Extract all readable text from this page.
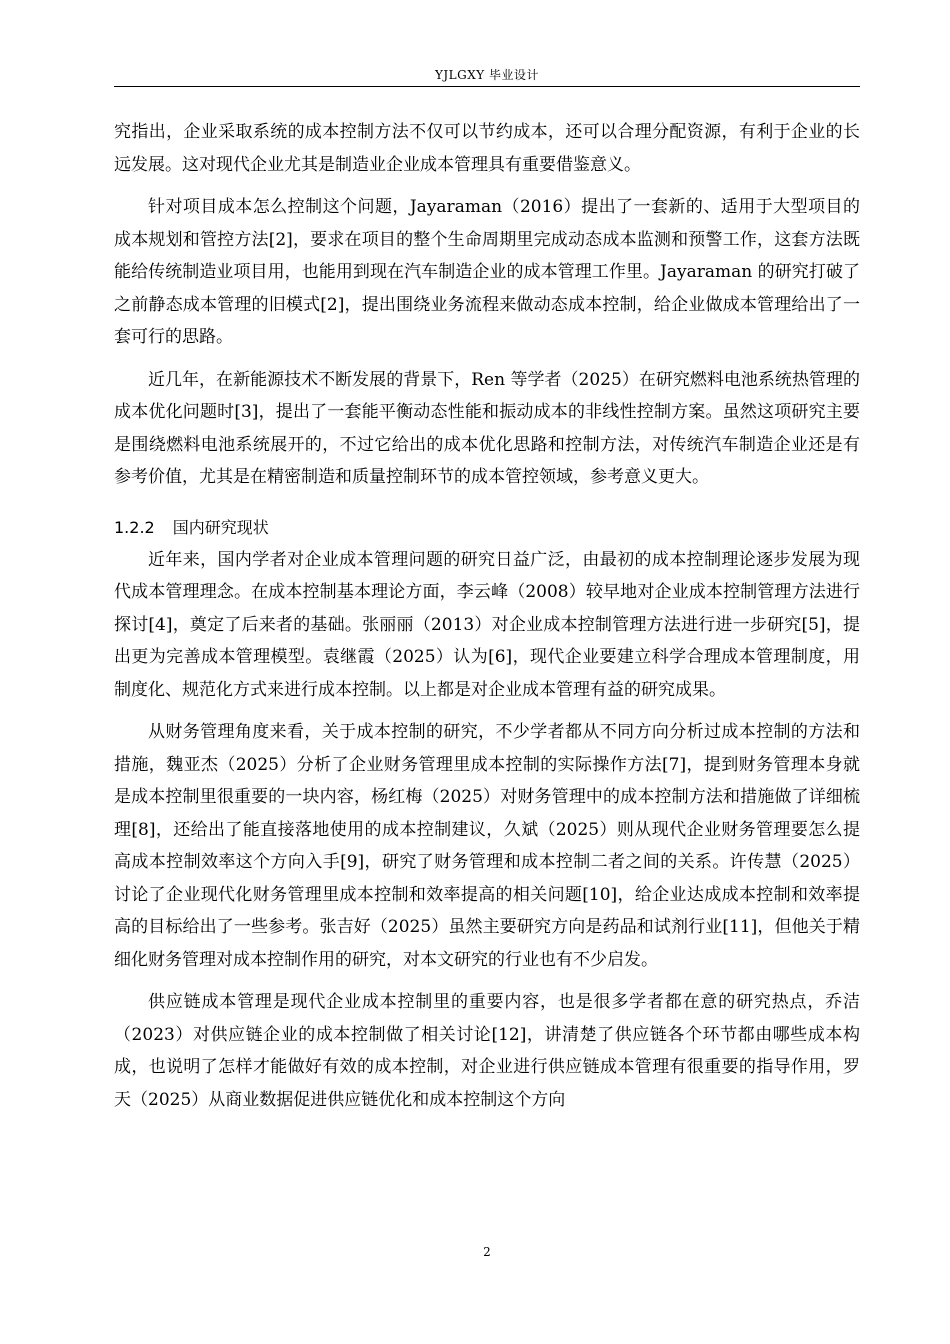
YJLGXY 毕业设计

究指出，企业采取系统的成本控制方法不仅可以节约成本，还可以合理分配资源，有利于企业的长远发展。这对现代企业尤其是制造业企业成本管理具有重要借鉴意义。

针对项目成本怎么控制这个问题，Jayaraman（2016）提出了一套新的、适用于大型项目的成本规划和管控方法[2]，要求在项目的整个生命周期里完成动态成本监测和预警工作，这套方法既能给传统制造业项目用，也能用到现在汽车制造企业的成本管理工作里。Jayaraman 的研究打破了之前静态成本管理的旧模式[2]，提出围绕业务流程来做动态成本控制，给企业做成本管理给出了一套可行的思路。

近几年，在新能源技术不断发展的背景下，Ren 等学者（2025）在研究燃料电池系统热管理的成本优化问题时[3]，提出了一套能平衡动态性能和振动成本的非线性控制方案。虽然这项研究主要是围绕燃料电池系统展开的，不过它给出的成本优化思路和控制方法，对传统汽车制造企业还是有参考价值，尤其是在精密制造和质量控制环节的成本管控领域，参考意义更大。

1.2.2 国内研究现状

近年来，国内学者对企业成本管理问题的研究日益广泛，由最初的成本控制理论逐步发展为现代成本管理理念。在成本控制基本理论方面，李云峰（2008）较早地对企业成本控制管理方法进行探讨[4]，奠定了后来者的基础。张丽丽（2013）对企业成本控制管理方法进行进一步研究[5]，提出更为完善成本管理模型。袁继霞（2025）认为[6]，现代企业要建立科学合理成本管理制度，用制度化、规范化方式来进行成本控制。以上都是对企业成本管理有益的研究成果。

从财务管理角度来看，关于成本控制的研究，不少学者都从不同方向分析过成本控制的方法和措施，魏亚杰（2025）分析了企业财务管理里成本控制的实际操作方法[7]，提到财务管理本身就是成本控制里很重要的一块内容，杨红梅（2025）对财务管理中的成本控制方法和措施做了详细梳理[8]，还给出了能直接落地使用的成本控制建议，久斌（2025）则从现代企业财务管理要怎么提高成本控制效率这个方向入手[9]，研究了财务管理和成本控制二者之间的关系。许传慧（2025）讨论了企业现代化财务管理里成本控制和效率提高的相关问题[10]，给企业达成成本控制和效率提高的目标给出了一些参考。张吉好（2025）虽然主要研究方向是药品和试剂行业[11]，但他关于精细化财务管理对成本控制作用的研究，对本文研究的行业也有不少启发。

供应链成本管理是现代企业成本控制里的重要内容，也是很多学者都在意的研究热点，乔洁（2023）对供应链企业的成本控制做了相关讨论[12]，讲清楚了供应链各个环节都由哪些成本构成，也说明了怎样才能做好有效的成本控制，对企业进行供应链成本管理有很重要的指导作用，罗天（2025）从商业数据促进供应链优化和成本控制这个方向

2
